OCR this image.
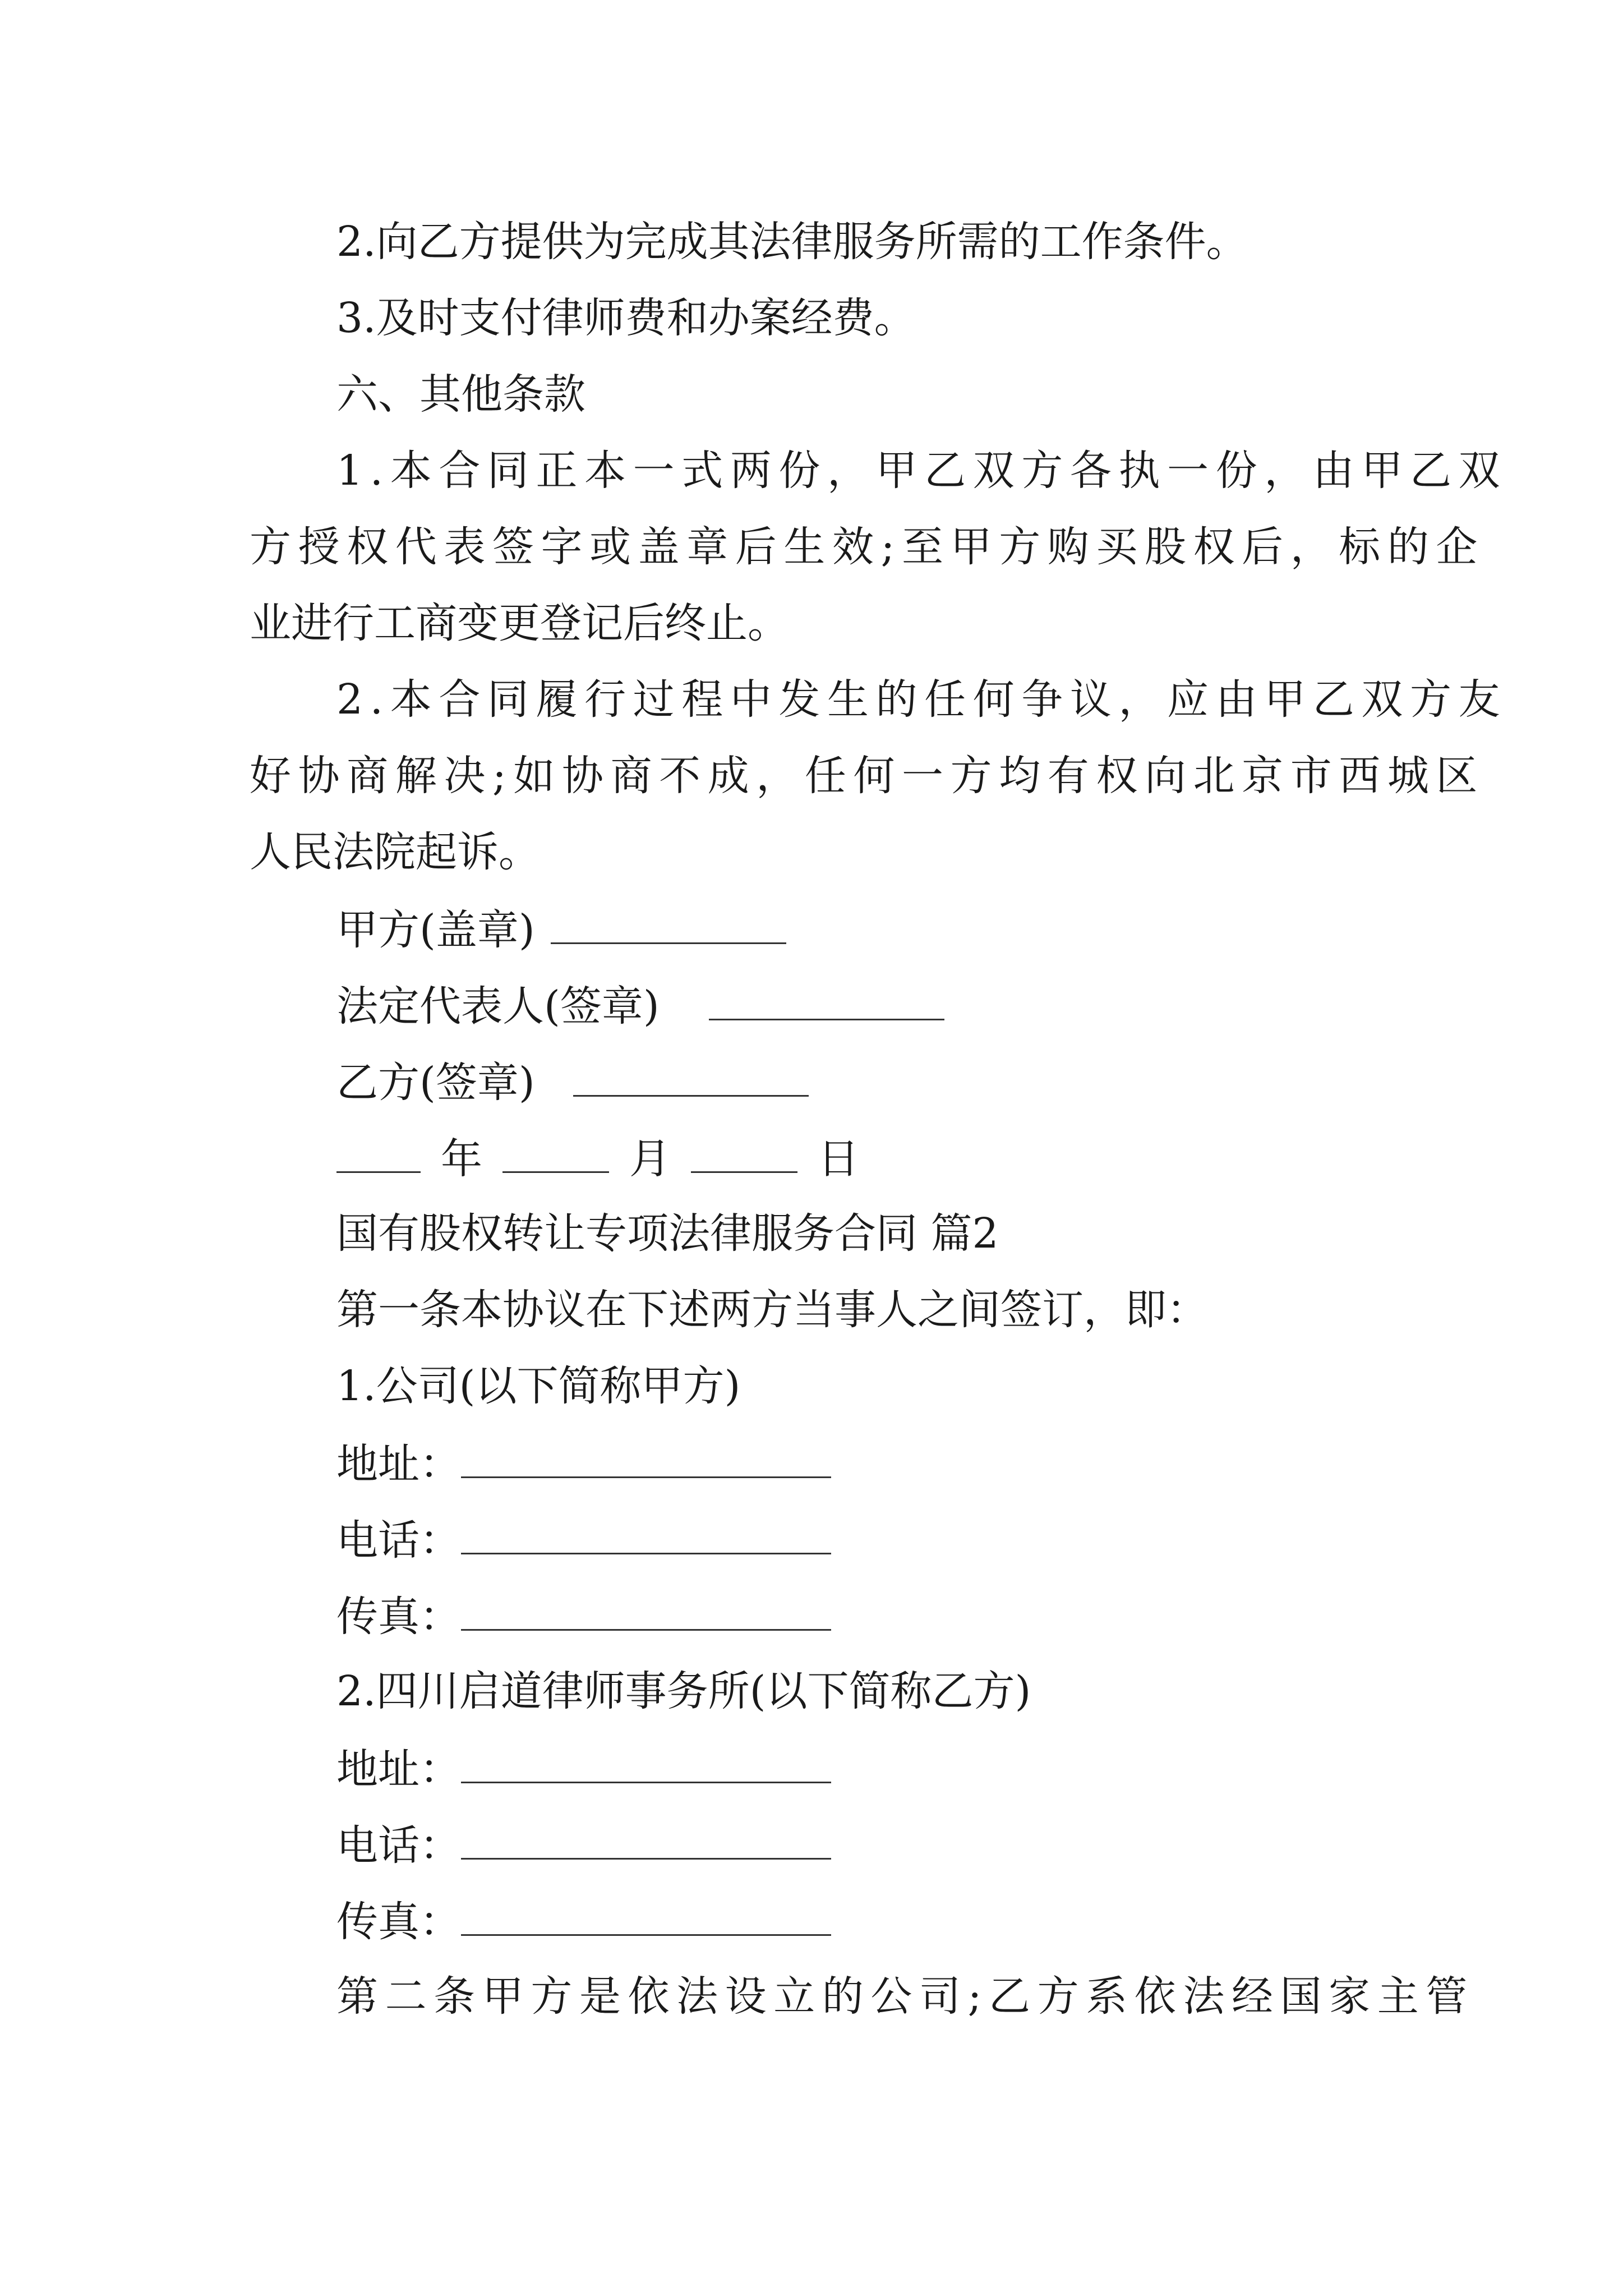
2.向乙方提供为完成其法律服务所需的工作条件。
3.及时支付律师费和办案经费。
六、其他条款
1.本合同正本一式两份，甲乙双方各执一份，由甲乙双
方授权代表签字或盖章后生效;至甲方购买股权后，标的企
业进行工商变更登记后终止。
2.本合同履行过程中发生的任何争议，应由甲乙双方友
好协商解决;如协商不成，任何一方均有权向北京市西城区
人民法院起诉。
甲方(盖章)
法定代表人(签章)
乙方(签章)
年	月	日
国有股权转让专项法律服务合同 篇2
第一条本协议在下述两方当事人之间签订，即：
1.公司(以下简称甲方)
地址：
电话：
传真：
2.四川启道律师事务所(以下简称乙方)
地址：
电话：
传真：
第二条甲方是依法设立的公司;乙方系依法经国家主管
